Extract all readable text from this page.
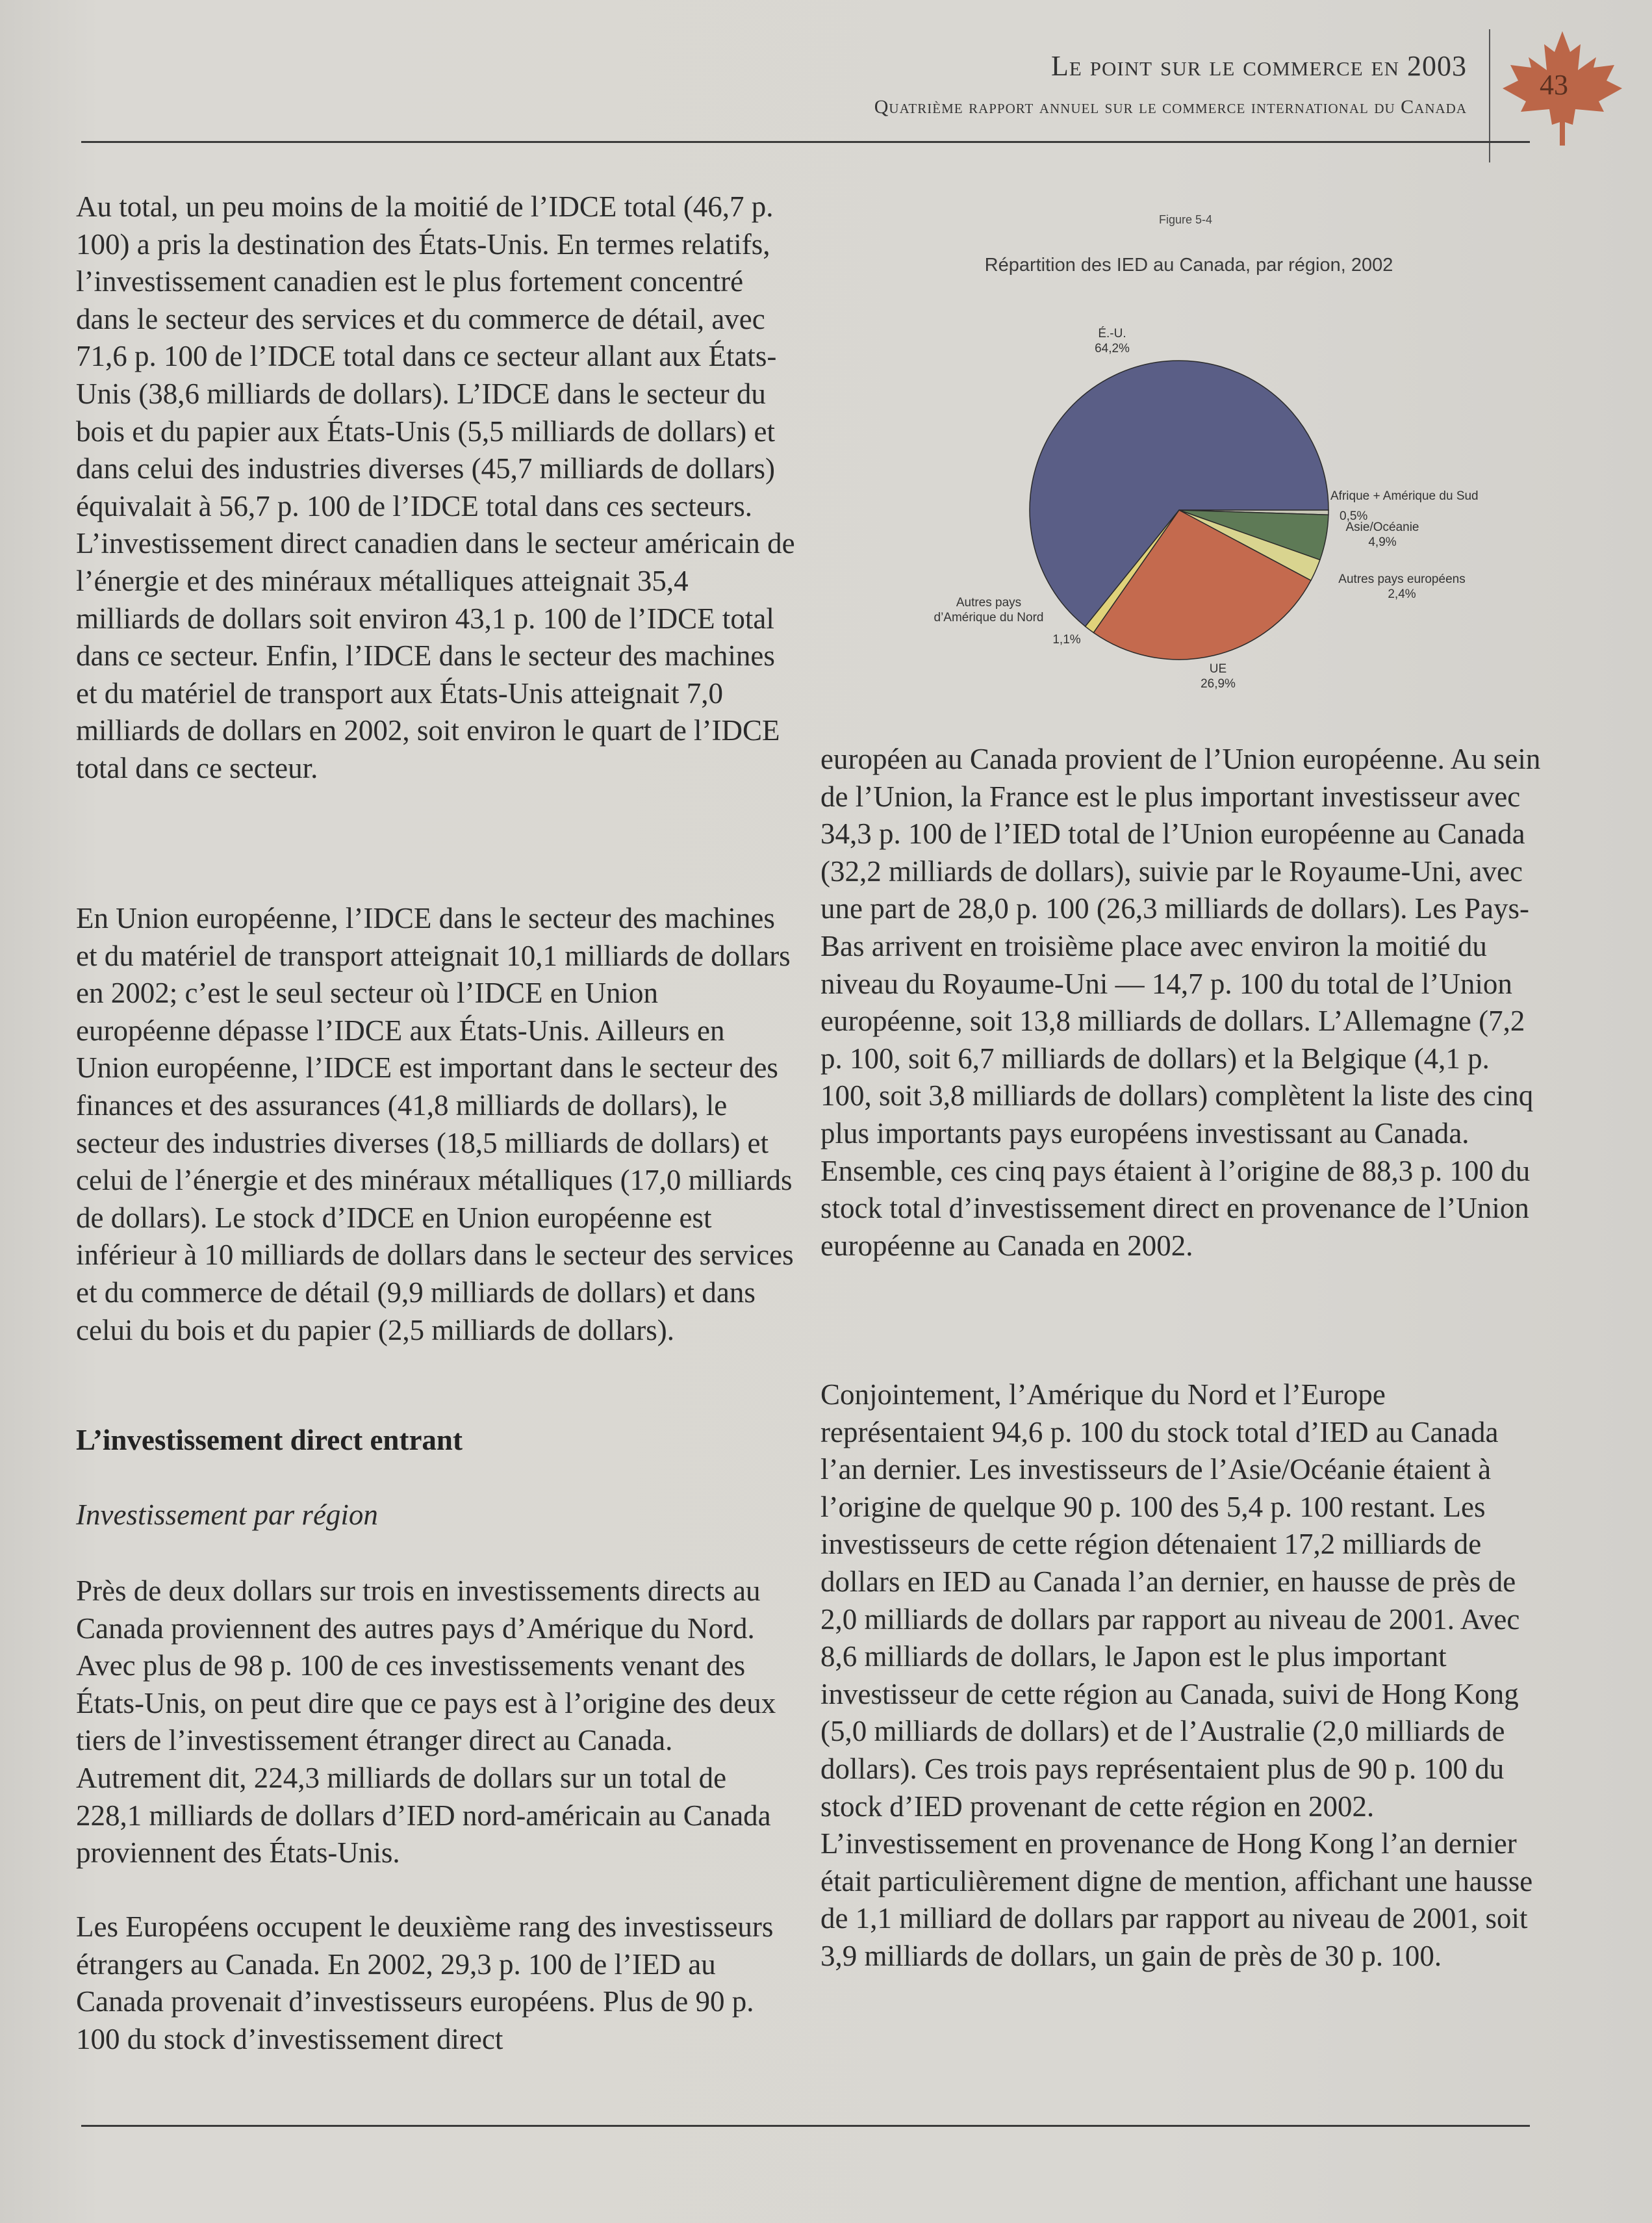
Le point sur le commerce en 2003
Quatrième rapport annuel sur le commerce international du Canada
43

Au total, un peu moins de la moitié de l’IDCE total (46,7 p. 100) a pris la destination des États-Unis. En termes relatifs, l’investissement canadien est le plus fortement concentré dans le secteur des services et du commerce de détail, avec 71,6 p. 100 de l’IDCE total dans ce secteur allant aux États-Unis (38,6 milliards de dollars). L’IDCE dans le secteur du bois et du papier aux États-Unis (5,5 milliards de dollars) et dans celui des industries diverses (45,7 milliards de dollars) équivalait à 56,7 p. 100 de l’IDCE total dans ces secteurs. L’investissement direct canadien dans le secteur américain de l’énergie et des minéraux métalliques atteignait 35,4 milliards de dollars soit environ 43,1 p. 100 de l’IDCE total dans ce secteur. Enfin, l’IDCE dans le secteur des machines et du matériel de transport aux États-Unis atteignait 7,0 milliards de dollars en 2002, soit environ le quart de l’IDCE total dans ce secteur.

En Union européenne, l’IDCE dans le secteur des machines et du matériel de transport atteignait 10,1 milliards de dollars en 2002; c’est le seul secteur où l’IDCE en Union européenne dépasse l’IDCE aux États-Unis. Ailleurs en Union européenne, l’IDCE est important dans le secteur des finances et des assurances (41,8 milliards de dollars), le secteur des industries diverses (18,5 milliards de dollars) et celui de l’énergie et des minéraux métalliques (17,0 milliards de dollars). Le stock d’IDCE en Union européenne est inférieur à 10 milliards de dollars dans le secteur des services et du commerce de détail (9,9 milliards de dollars) et dans celui du bois et du papier (2,5 milliards de dollars).

L’investissement direct entrant
Investissement par région

Près de deux dollars sur trois en investissements directs au Canada proviennent des autres pays d’Amérique du Nord. Avec plus de 98 p. 100 de ces investissements venant des États-Unis, on peut dire que ce pays est à l’origine des deux tiers de l’investissement étranger direct au Canada. Autrement dit, 224,3 milliards de dollars sur un total de 228,1 milliards de dollars d’IED nord-américain au Canada proviennent des États-Unis.

Les Européens occupent le deuxième rang des investisseurs étrangers au Canada. En 2002, 29,3 p. 100 de l’IED au Canada provenait d’investisseurs européens. Plus de 90 p. 100 du stock d’investissement direct

Figure 5-4
Répartition des IED au Canada, par région, 2002
É.-U.
64,2%
Afrique + Amérique du Sud
0,5%
Asie/Océanie
4,9%
Autres pays européens
2,4%
UE
26,9%
Autres pays
d’Amérique du Nord
1,1%

européen au Canada provient de l’Union européenne. Au sein de l’Union, la France est le plus important investisseur avec 34,3 p. 100 de l’IED total de l’Union européenne au Canada (32,2 milliards de dollars), suivie par le Royaume-Uni, avec une part de 28,0 p. 100 (26,3 milliards de dollars). Les Pays-Bas arrivent en troisième place avec environ la moitié du niveau du Royaume-Uni — 14,7 p. 100 du total de l’Union européenne, soit 13,8 milliards de dollars. L’Allemagne (7,2 p. 100, soit 6,7 milliards de dollars) et la Belgique (4,1 p. 100, soit 3,8 milliards de dollars) complètent la liste des cinq plus importants pays européens investissant au Canada. Ensemble, ces cinq pays étaient à l’origine de 88,3 p. 100 du stock total d’investissement direct en provenance de l’Union européenne au Canada en 2002.

Conjointement, l’Amérique du Nord et l’Europe représentaient 94,6 p. 100 du stock total d’IED au Canada l’an dernier. Les investisseurs de l’Asie/Océanie étaient à l’origine de quelque 90 p. 100 des 5,4 p. 100 restant. Les investisseurs de cette région détenaient 17,2 milliards de dollars en IED au Canada l’an dernier, en hausse de près de 2,0 milliards de dollars par rapport au niveau de 2001. Avec 8,6 milliards de dollars, le Japon est le plus important investisseur de cette région au Canada, suivi de Hong Kong (5,0 milliards de dollars) et de l’Australie (2,0 milliards de dollars). Ces trois pays représentaient plus de 90 p. 100 du stock d’IED provenant de cette région en 2002. L’investissement en provenance de Hong Kong l’an dernier était particulièrement digne de mention, affichant une hausse de 1,1 milliard de dollars par rapport au niveau de 2001, soit 3,9 milliards de dollars, un gain de près de 30 p. 100.
